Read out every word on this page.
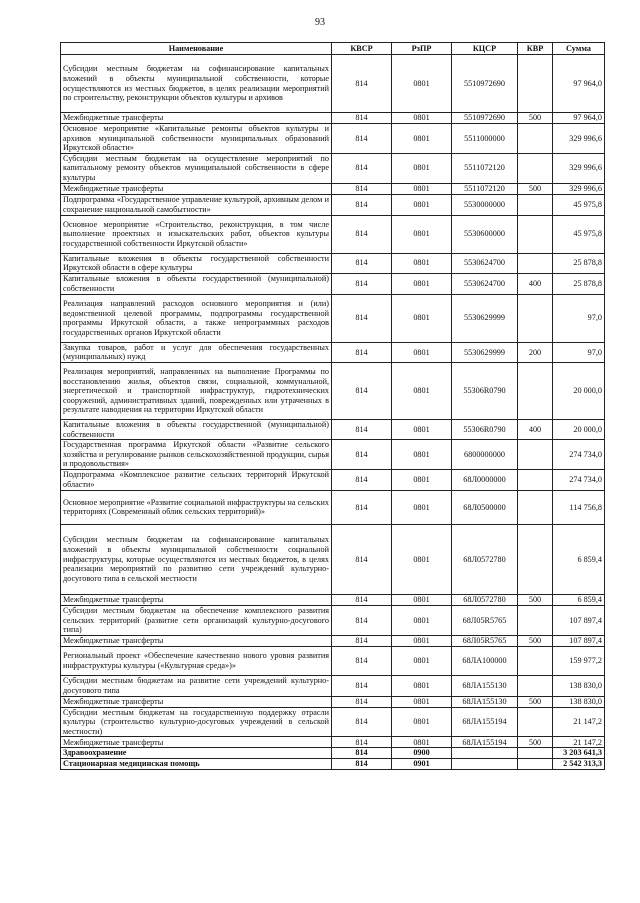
93
Наименование	КВСР	РзПР	КЦСР	КВР	Сумма
Субсидии местным бюджетам на софинансирование капитальных вложений в объекты муниципальной собственности, которые осуществляются из местных бюджетов, в целях реализации мероприятий по строительству, реконструкции объектов культуры и архивов	814	0801	5510972690		97 964,0
Межбюджетные трансферты	814	0801	5510972690	500	97 964,0
Основное мероприятие «Капитальные ремонты объектов культуры и архивов муниципальной собственности муниципальных образований Иркутской области»	814	0801	5511000000		329 996,6
Субсидии местным бюджетам на осуществление мероприятий по капитальному ремонту объектов муниципальной собственности в сфере культуры	814	0801	5511072120		329 996,6
Межбюджетные трансферты	814	0801	5511072120	500	329 996,6
Подпрограмма «Государственное управление культурой, архивным делом и сохранение национальной самобытности»	814	0801	5530000000		45 975,8
Основное мероприятие «Строительство, реконструкция, в том числе выполнение проектных и изыскательских работ, объектов культуры государственной собственности Иркутской области»	814	0801	5530600000		45 975,8
Капитальные вложения в объекты государственной собственности Иркутской области в сфере культуры	814	0801	5530624700		25 878,8
Капитальные вложения в объекты государственной (муниципальной) собственности	814	0801	5530624700	400	25 878,8
Реализация направлений расходов основного мероприятия и (или) ведомственной целевой программы, подпрограммы государственной программы Иркутской области, а также непрограммных расходов государственных органов Иркутской области	814	0801	5530629999		97,0
Закупка товаров, работ и услуг для обеспечения государственных (муниципальных) нужд	814	0801	5530629999	200	97,0
Реализация мероприятий, направленных на выполнение Программы по восстановлению жилья, объектов связи, социальной, коммунальной, энергетической и транспортной инфраструктур, гидротехнических сооружений, административных зданий, поврежденных или утраченных в результате наводнения на территории Иркутской области	814	0801	55306R0790		20 000,0
Капитальные вложения в объекты государственной (муниципальной) собственности	814	0801	55306R0790	400	20 000,0
Государственная программа Иркутской области «Развитие сельского хозяйства и регулирование рынков сельскохозяйственной продукции, сырья и продовольствия»	814	0801	6800000000		274 734,0
Подпрограмма «Комплексное развитие сельских территорий Иркутской области»	814	0801	68Л0000000		274 734,0
Основное мероприятие «Развитие социальной инфраструктуры на сельских территориях (Современный облик сельских территорий)»	814	0801	68Л0500000		114 756,8
Субсидии местным бюджетам на софинансирование капитальных вложений в объекты муниципальной собственности социальной инфраструктуры, которые осуществляются из местных бюджетов, в целях реализации мероприятий по развитию сети учреждений культурно-досугового типа в сельской местности	814	0801	68Л0572780		6 859,4
Межбюджетные трансферты	814	0801	68Л0572780	500	6 859,4
Субсидии местным бюджетам на обеспечение комплексного развития сельских территорий (развитие сети организаций культурно-досугового типа)	814	0801	68Л05R5765		107 897,4
Межбюджетные трансферты	814	0801	68Л05R5765	500	107 897,4
Региональный проект «Обеспечение качественно нового уровня развития инфраструктуры культуры («Культурная среда»)»	814	0801	68ЛА100000		159 977,2
Субсидии местным бюджетам на развитие сети учреждений культурно-досугового типа	814	0801	68ЛА155130		138 830,0
Межбюджетные трансферты	814	0801	68ЛА155130	500	138 830,0
Субсидии местным бюджетам на государственную поддержку отрасли культуры (строительство культурно-досуговых учреждений в сельской местности)	814	0801	68ЛА155194		21 147,2
Межбюджетные трансферты	814	0801	68ЛА155194	500	21 147,2
Здравоохранение	814	0900			3 203 641,3
Стационарная медицинская помощь	814	0901			2 542 313,3
